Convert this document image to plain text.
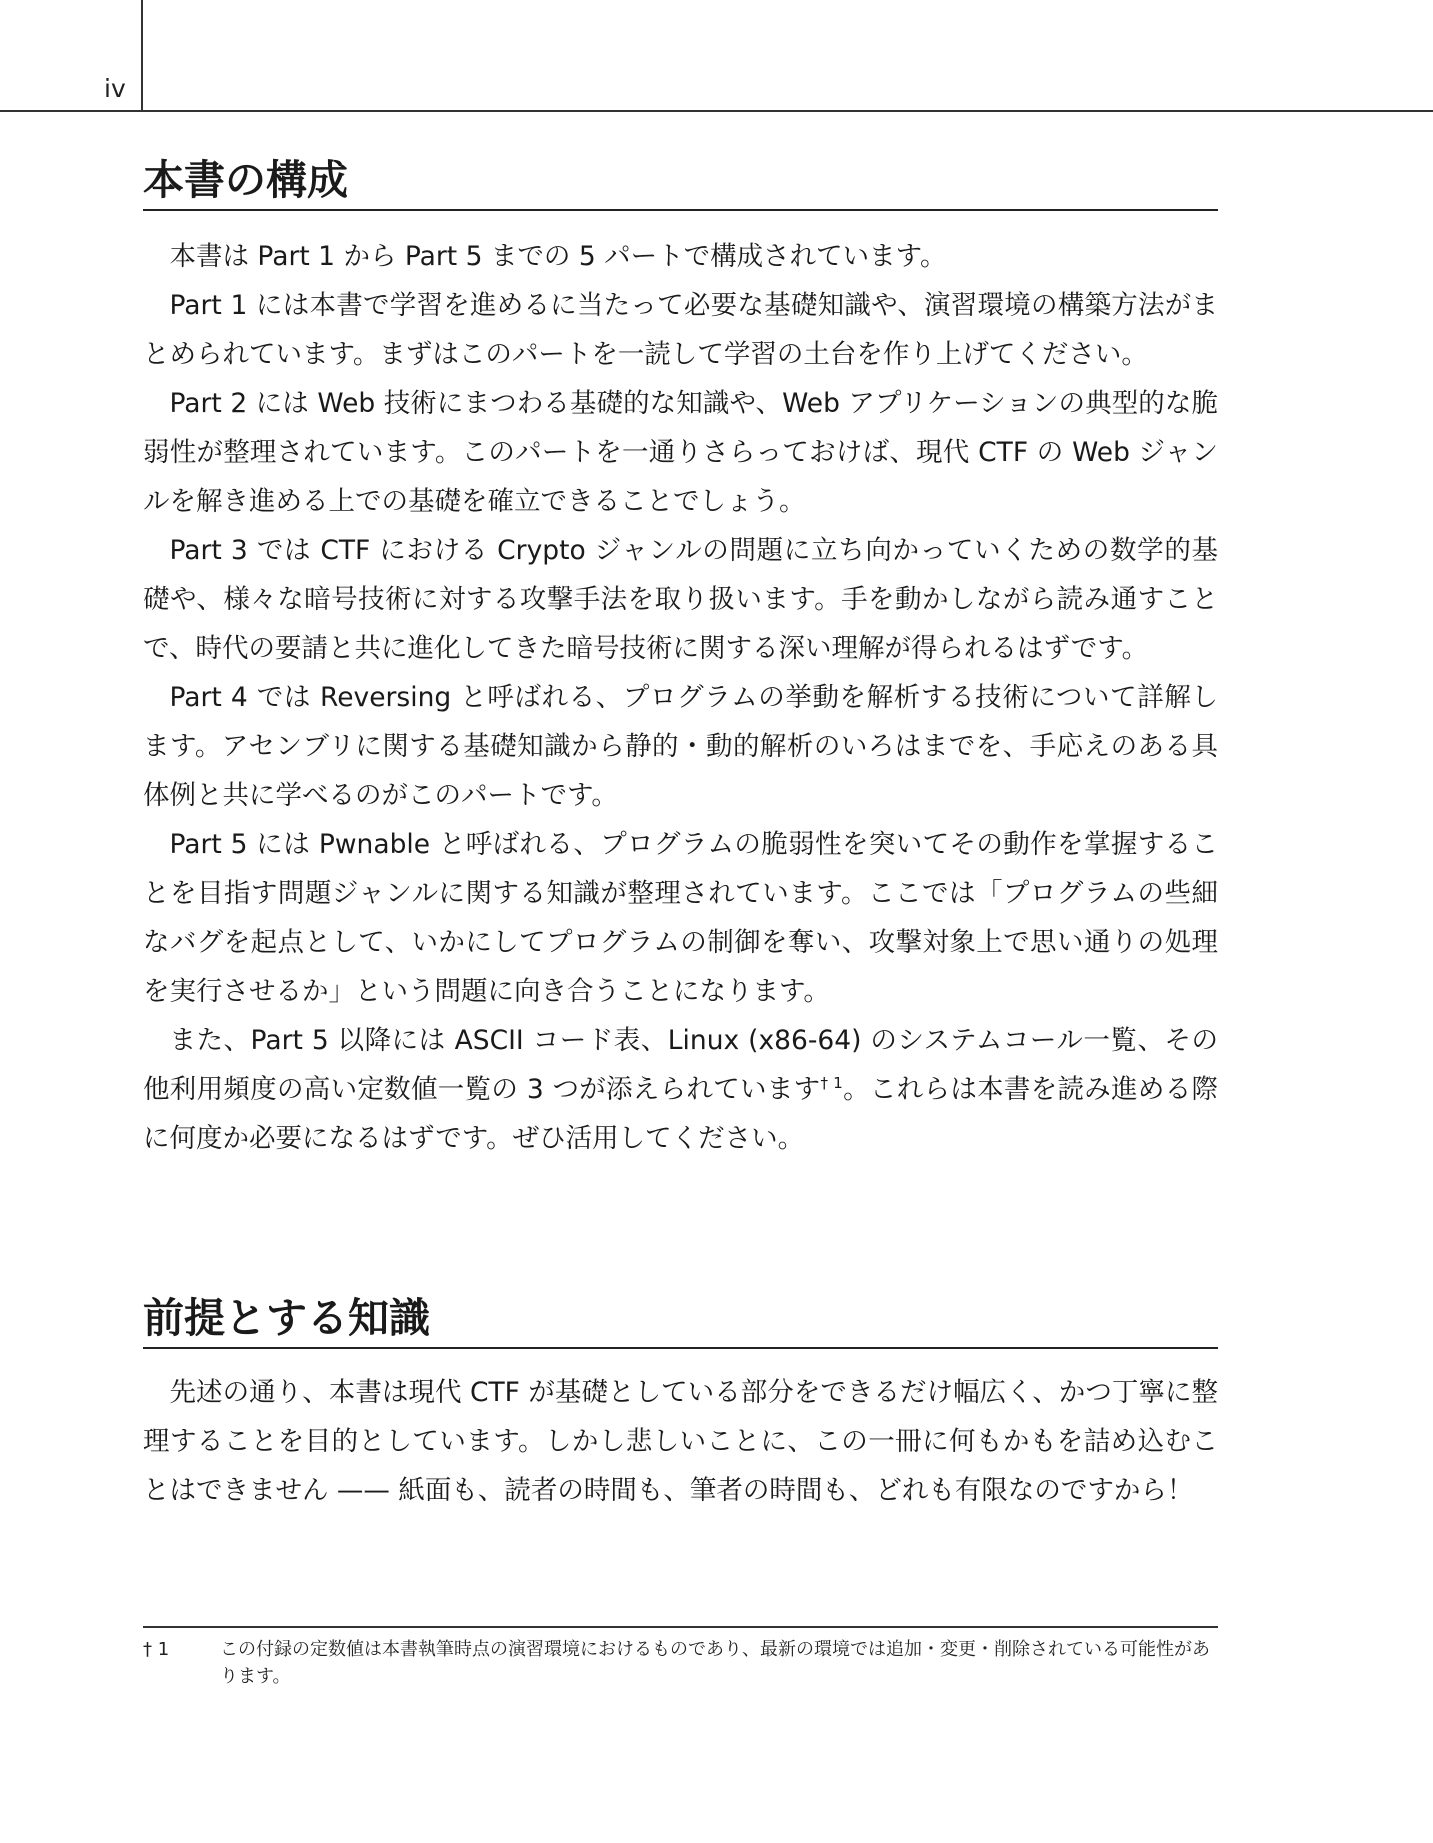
iv
本書の構成

本書は Part 1 から Part 5 までの 5 パートで構成されています。

Part 1 には本書で学習を進めるに当たって必要な基礎知識や、演習環境の構築方法がまとめられています。まずはこのパートを一読して学習の土台を作り上げてください。

Part 2 には Web 技術にまつわる基礎的な知識や、Web アプリケーションの典型的な脆弱性が整理されています。このパートを一通りさらっておけば、現代 CTF の Web ジャンルを解き進める上での基礎を確立できることでしょう。

Part 3 では CTF における Crypto ジャンルの問題に立ち向かっていくための数学的基礎や、様々な暗号技術に対する攻撃手法を取り扱います。手を動かしながら読み通すことで、時代の要請と共に進化してきた暗号技術に関する深い理解が得られるはずです。

Part 4 では Reversing と呼ばれる、プログラムの挙動を解析する技術について詳解します。アセンブリに関する基礎知識から静的・動的解析のいろはまでを、手応えのある具体例と共に学べるのがこのパートです。

Part 5 には Pwnable と呼ばれる、プログラムの脆弱性を突いてその動作を掌握することを目指す問題ジャンルに関する知識が整理されています。ここでは「プログラムの些細なバグを起点として、いかにしてプログラムの制御を奪い、攻撃対象上で思い通りの処理を実行させるか」という問題に向き合うことになります。

また、Part 5 以降には ASCII コード表、Linux (x86-64) のシステムコール一覧、その他利用頻度の高い定数値一覧の 3 つが添えられています$^{\dagger 1}$。これらは本書を読み進める際に何度か必要になるはずです。ぜひ活用してください。

前提とする知識

先述の通り、本書は現代 CTF が基礎としている部分をできるだけ幅広く、かつ丁寧に整理することを目的としています。しかし悲しいことに、この一冊に何もかもを詰め込むことはできません —— 紙面も、読者の時間も、筆者の時間も、どれも有限なのですから！

† 1	この付録の定数値は本書執筆時点の演習環境におけるものであり、最新の環境では追加・変更・削除されている可能性があります。
